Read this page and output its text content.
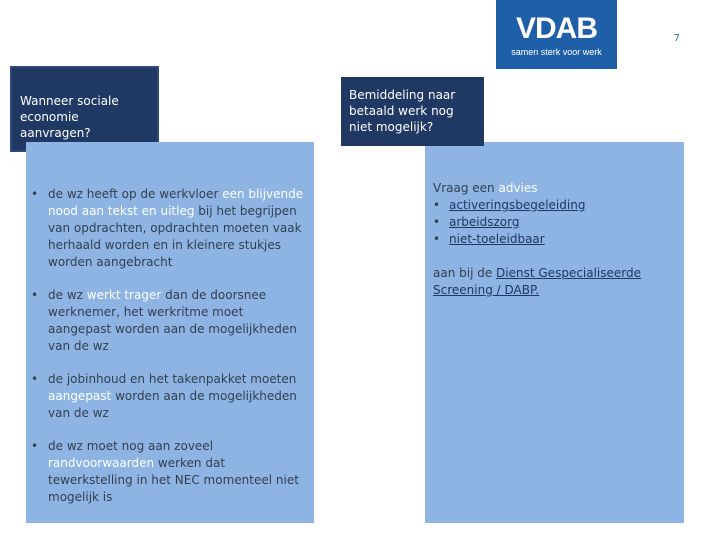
VDAB
samen sterk voor werk
7
Wanneer sociale economie aanvragen?
• de wz heeft op de werkvloer een blijvende nood aan tekst en uitleg bij het begrijpen van opdrachten, opdrachten moeten vaak herhaald worden en in kleinere stukjes worden aangebracht
• de wz werkt trager dan de doorsnee werknemer, het werkritme moet aangepast worden aan de mogelijkheden van de wz
• de jobinhoud en het takenpakket moeten aangepast worden aan de mogelijkheden van de wz
• de wz moet nog aan zoveel randvoorwaarden werken dat tewerkstelling in het NEC momenteel niet mogelijk is
Vraag een advies
• activeringsbegeleiding
• arbeidszorg
• niet-toeleidbaar
aan bij de Dienst Gespecialiseerde Screening / DABP.
Bemiddeling naar betaald werk nog niet mogelijk?
